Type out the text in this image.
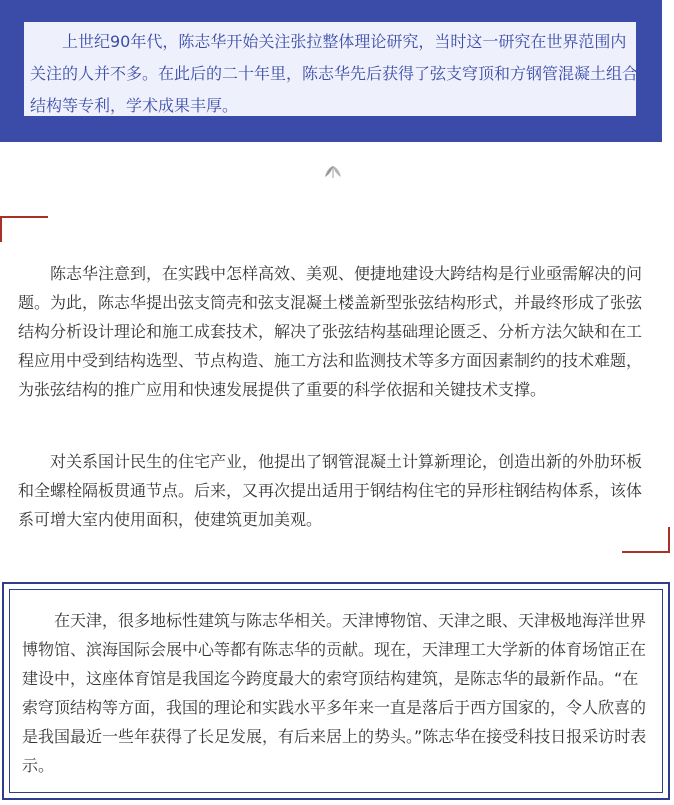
上世纪90年代，陈志华开始关注张拉整体理论研究，当时这一研究在世界范围内关注的人并不多。在此后的二十年里，陈志华先后获得了弦支穹顶和方钢管混凝土组合结构等专利，学术成果丰厚。

陈志华注意到，在实践中怎样高效、美观、便捷地建设大跨结构是行业亟需解决的问题。为此，陈志华提出弦支筒壳和弦支混凝土楼盖新型张弦结构形式，并最终形成了张弦结构分析设计理论和施工成套技术，解决了张弦结构基础理论匮乏、分析方法欠缺和在工程应用中受到结构选型、节点构造、施工方法和监测技术等多方面因素制约的技术难题，为张弦结构的推广应用和快速发展提供了重要的科学依据和关键技术支撑。

对关系国计民生的住宅产业，他提出了钢管混凝土计算新理论，创造出新的外肋环板和全螺栓隔板贯通节点。后来，又再次提出适用于钢结构住宅的异形柱钢结构体系，该体系可增大室内使用面积，使建筑更加美观。

在天津，很多地标性建筑与陈志华相关。天津博物馆、天津之眼、天津极地海洋世界博物馆、滨海国际会展中心等都有陈志华的贡献。现在，天津理工大学新的体育场馆正在建设中，这座体育馆是我国迄今跨度最大的索穹顶结构建筑，是陈志华的最新作品。“在索穹顶结构等方面，我国的理论和实践水平多年来一直是落后于西方国家的，令人欣喜的是我国最近一些年获得了长足发展，有后来居上的势头。”陈志华在接受科技日报采访时表示。
